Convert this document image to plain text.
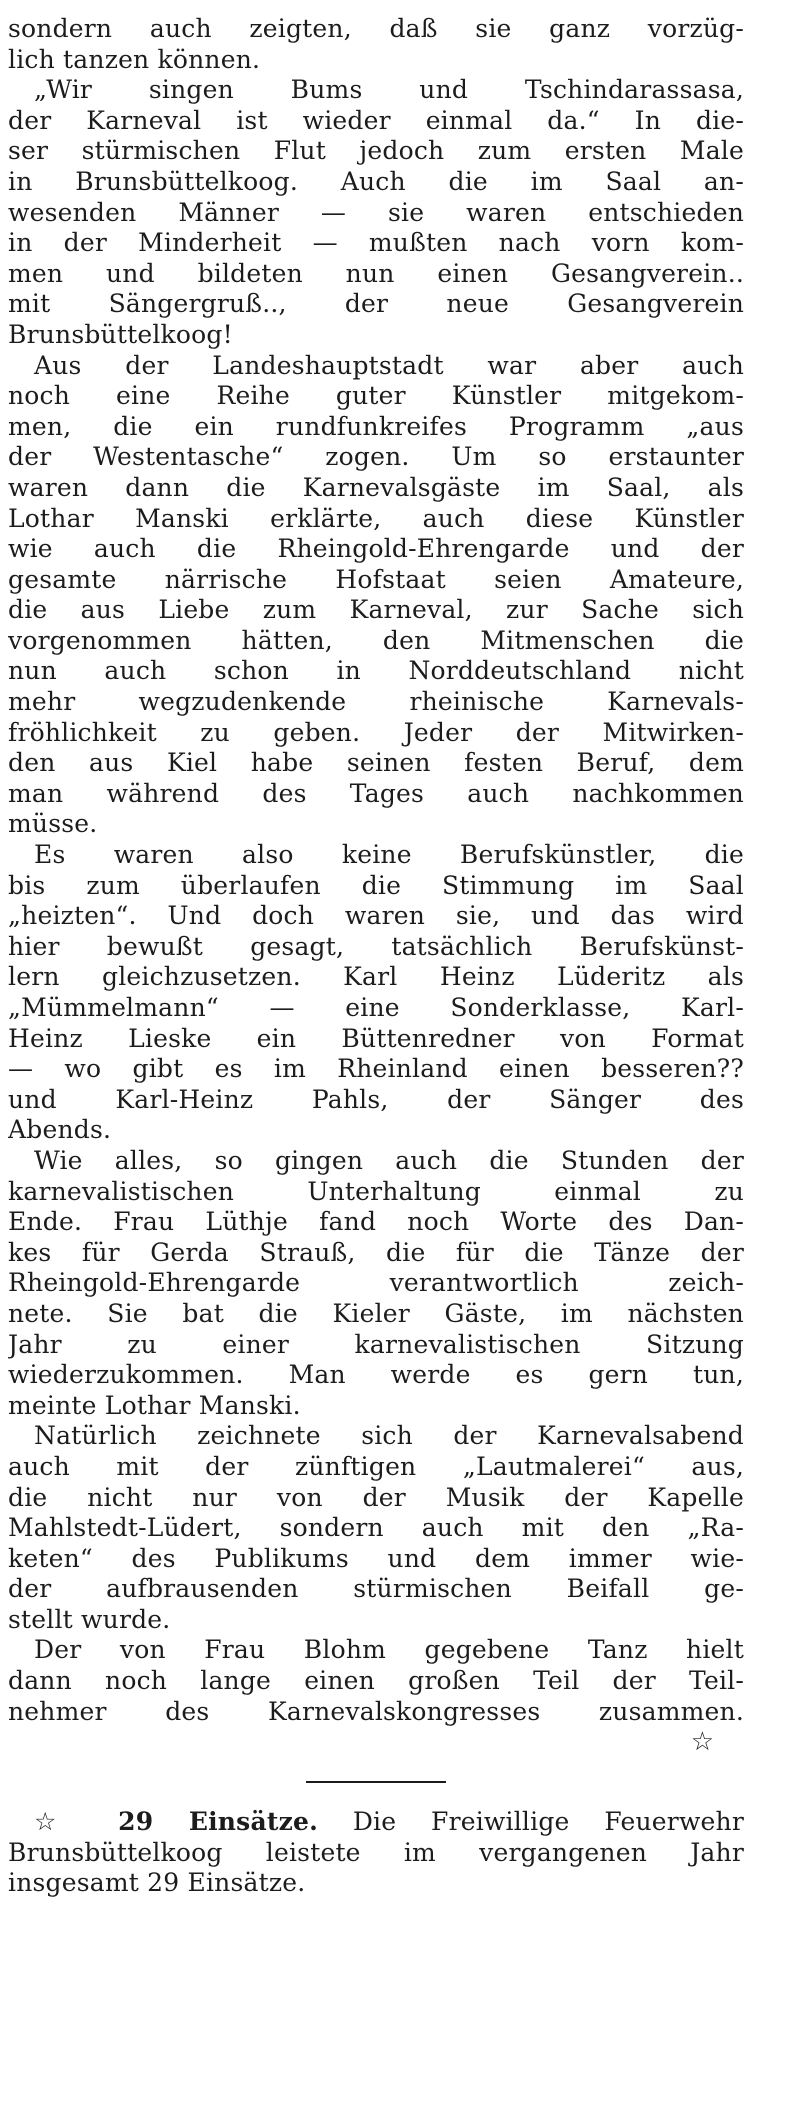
sondern auch zeigten, daß sie ganz vorzüg-
lich tanzen können.
„Wir singen Bums und Tschindarassasa,
der Karneval ist wieder einmal da.“ In die-
ser stürmischen Flut jedoch zum ersten Male
in Brunsbüttelkoog. Auch die im Saal an-
wesenden Männer — sie waren entschieden
in der Minderheit — mußten nach vorn kom-
men und bildeten nun einen Gesangverein..
mit Sängergruß.., der neue Gesangverein
Brunsbüttelkoog!
Aus der Landeshauptstadt war aber auch
noch eine Reihe guter Künstler mitgekom-
men, die ein rundfunkreifes Programm „aus
der Westentasche“ zogen. Um so erstaunter
waren dann die Karnevalsgäste im Saal, als
Lothar Manski erklärte, auch diese Künstler
wie auch die Rheingold-Ehrengarde und der
gesamte närrische Hofstaat seien Amateure,
die aus Liebe zum Karneval, zur Sache sich
vorgenommen hätten, den Mitmenschen die
nun auch schon in Norddeutschland nicht
mehr wegzudenkende rheinische Karnevals-
fröhlichkeit zu geben. Jeder der Mitwirken-
den aus Kiel habe seinen festen Beruf, dem
man während des Tages auch nachkommen
müsse.
Es waren also keine Berufskünstler, die
bis zum überlaufen die Stimmung im Saal
„heizten“. Und doch waren sie, und das wird
hier bewußt gesagt, tatsächlich Berufskünst-
lern gleichzusetzen. Karl Heinz Lüderitz als
„Mümmelmann“ — eine Sonderklasse, Karl-
Heinz Lieske ein Büttenredner von Format
— wo gibt es im Rheinland einen besseren??
und Karl-Heinz Pahls, der Sänger des
Abends.
Wie alles, so gingen auch die Stunden der
karnevalistischen Unterhaltung einmal zu
Ende. Frau Lüthje fand noch Worte des Dan-
kes für Gerda Strauß, die für die Tänze der
Rheingold-Ehrengarde verantwortlich zeich-
nete. Sie bat die Kieler Gäste, im nächsten
Jahr zu einer karnevalistischen Sitzung
wiederzukommen. Man werde es gern tun,
meinte Lothar Manski.
Natürlich zeichnete sich der Karnevalsabend
auch mit der zünftigen „Lautmalerei“ aus,
die nicht nur von der Musik der Kapelle
Mahlstedt-Lüdert, sondern auch mit den „Ra-
keten“ des Publikums und dem immer wie-
der aufbrausenden stürmischen Beifall ge-
stellt wurde.
Der von Frau Blohm gegebene Tanz hielt
dann noch lange einen großen Teil der Teil-
nehmer des Karnevalskongresses zusammen.
☆
☆ 29 Einsätze. Die Freiwillige Feuerwehr
Brunsbüttelkoog leistete im vergangenen Jahr
insgesamt 29 Einsätze.
